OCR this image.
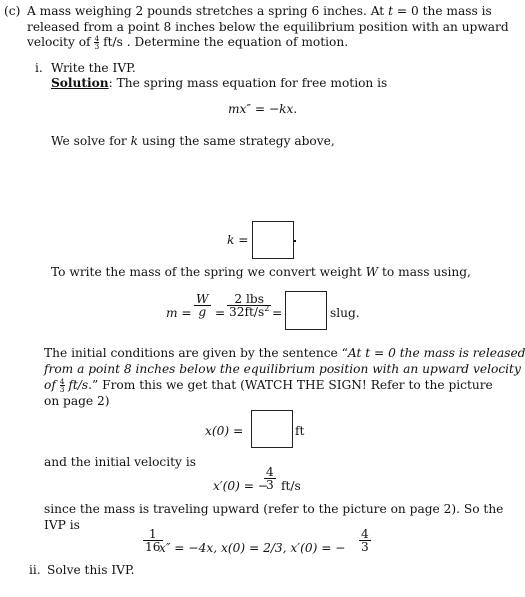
(c) A mass weighing 2 pounds stretches a spring 6 inches. At t = 0 the mass is
released from a point 8 inches below the equilibrium position with an upward
velocity of $\frac{4}{3} ft/s$ . Determine the equation of motion.
i. Write the IVP.
Solution: The spring mass equation for free motion is
mx″ = −kx.
We solve for k using the same strategy above,
k =
To write the mass of the spring we convert weight W to mass using,
$m = \frac{W}{g}$ =
2 lbs
$32ft/s^2$ =	slug.
The initial conditions are given by the sentence “At t = 0 the mass is released
from a point 8 inches below the equilibrium position with an upward velocity
of $\frac{4}{3} ft/s$.” From this we get that (WATCH THE SIGN! Refer to the picture
on page 2)
x(0) =	ft
and the initial velocity is
x′(0) = −
$\frac{4}{3} ft/s$
since the mass is traveling upward (refer to the picture on page 2). So the
IVP is
$\frac{1}{16}$
x″ = −4x, x(0) = 2/3, x′(0) = − $\frac{4}{3}$
ii. Solve this IVP.
